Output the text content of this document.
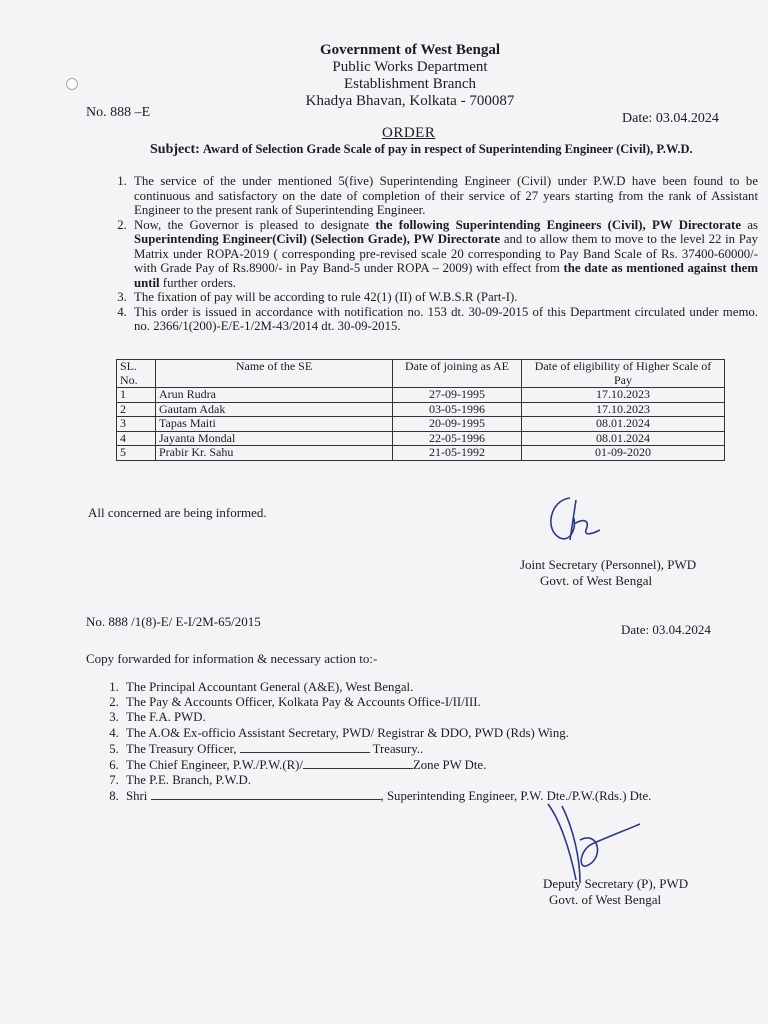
Government of West Bengal
Public Works Department
Establishment Branch
Khadya Bhavan, Kolkata - 700087
No. 888 –E	Date: 03.04.2024
ORDER
Subject: Award of Selection Grade Scale of pay in respect of Superintending Engineer (Civil), P.W.D.
1. The service of the under mentioned 5(five) Superintending Engineer (Civil) under P.W.D have been found to be continuous and satisfactory on the date of completion of their service of 27 years starting from the rank of Assistant Engineer to the present rank of Superintending Engineer.
2. Now, the Governor is pleased to designate the following Superintending Engineers (Civil), PW Directorate as Superintending Engineer(Civil) (Selection Grade), PW Directorate and to allow them to move to the level 22 in Pay Matrix under ROPA-2019 ( corresponding pre-revised scale 20 corresponding to Pay Band Scale of Rs. 37400-60000/- with Grade Pay of Rs.8900/- in Pay Band-5 under ROPA – 2009) with effect from the date as mentioned against them until further orders.
3. The fixation of pay will be according to rule 42(1) (II) of W.B.S.R (Part-I).
4. This order is issued in accordance with notification no. 153 dt. 30-09-2015 of this Department circulated under memo. no. 2366/1(200)-E/E-1/2M-43/2014 dt. 30-09-2015.
SL. No.	Name of the SE	Date of joining as AE	Date of eligibility of Higher Scale of Pay
1	Arun Rudra	27-09-1995	17.10.2023
2	Gautam Adak	03-05-1996	17.10.2023
3	Tapas Maiti	20-09-1995	08.01.2024
4	Jayanta Mondal	22-05-1996	08.01.2024
5	Prabir Kr. Sahu	21-05-1992	01-09-2020
All concerned are being informed.
Joint Secretary (Personnel), PWD
Govt. of West Bengal
No. 888 /1(8)-E/ E-I/2M-65/2015
Date: 03.04.2024
Copy forwarded for information & necessary action to:-
1. The Principal Accountant General (A&E), West Bengal.
2. The Pay & Accounts Officer, Kolkata Pay & Accounts Office-I/II/III.
3. The F.A. PWD.
4. The A.O& Ex-officio Assistant Secretary, PWD/ Registrar & DDO, PWD (Rds) Wing.
5. The Treasury Officer,	Treasury..
6. The Chief Engineer, P.W./P.W.(R)/	Zone PW Dte.
7. The P.E. Branch, P.W.D.
8. Shri	, Superintending Engineer, P.W. Dte./P.W.(Rds.) Dte.
Deputy Secretary (P), PWD
Govt. of West Bengal
